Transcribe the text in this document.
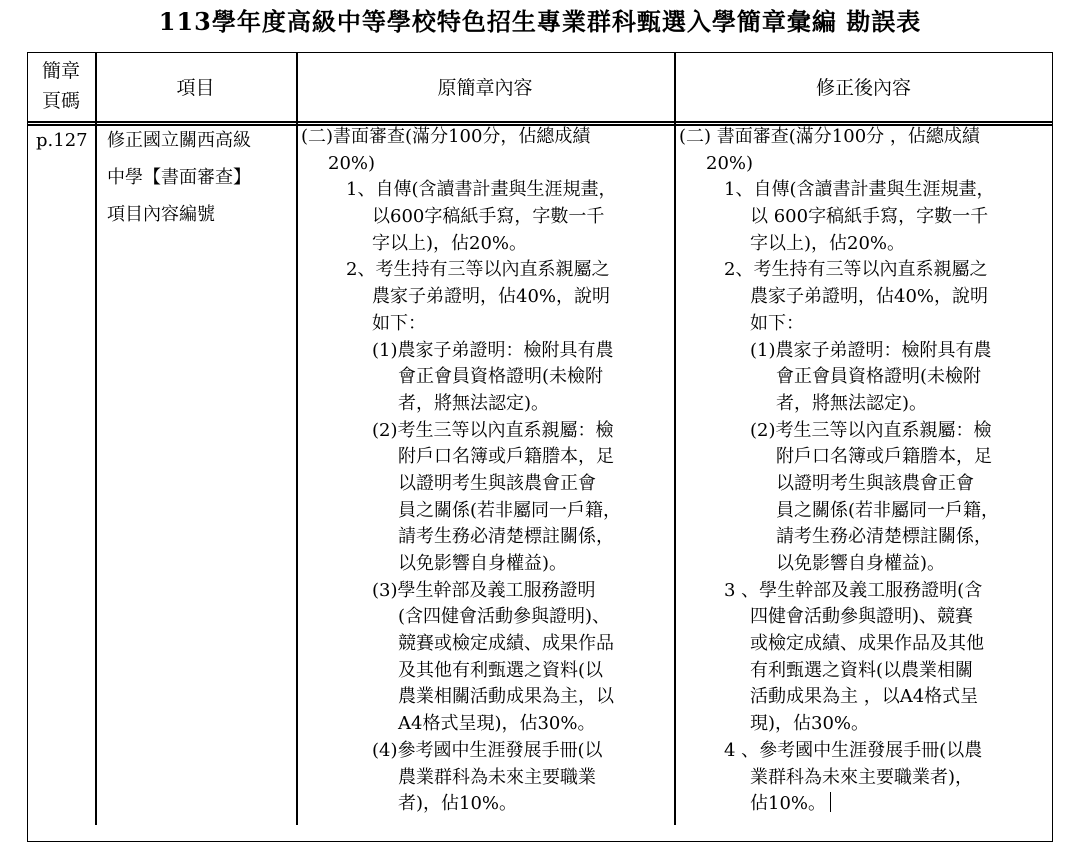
113學年度高級中等學校特色招生專業群科甄選入學簡章彙編 勘誤表
簡章
頁碼
項目	原簡章內容	修正後內容
p.127 修正國立關西高級
中學【書面審查】
項目內容編號
(二)書面審查(滿分100分，佔總成績
20%)
1、自傳(含讀書計畫與生涯規畫，
以600字稿紙手寫，字數一千
字以上)，佔20%。
2、考生持有三等以內直系親屬之
農家子弟證明，佔40%，說明
如下：
(1)農家子弟證明：檢附具有農
會正會員資格證明(未檢附
者，將無法認定)。
(2)考生三等以內直系親屬：檢
附戶口名簿或戶籍謄本，足
以證明考生與該農會正會
員之關係(若非屬同一戶籍，
請考生務必清楚標註關係，
以免影響自身權益)。
(3)學生幹部及義工服務證明
(含四健會活動參與證明)、
競賽或檢定成績、成果作品
及其他有利甄選之資料(以
農業相關活動成果為主，以
A4格式呈現)，佔30%。
(4)參考國中生涯發展手冊(以
農業群科為未來主要職業
者)，佔10%。
(二) 書面審查(滿分100分 ，佔總成績
20%)
1、自傳(含讀書計畫與生涯規畫，
以 600字稿紙手寫，字數一千
字以上)，佔20%。
2、考生持有三等以內直系親屬之
農家子弟證明，佔40%，說明
如下：
(1)農家子弟證明：檢附具有農
會正會員資格證明(未檢附
者，將無法認定)。
(2)考生三等以內直系親屬：檢
附戶口名簿或戶籍謄本，足
以證明考生與該農會正會
員之關係(若非屬同一戶籍，
請考生務必清楚標註關係，
以免影響自身權益)。
3 、學生幹部及義工服務證明(含
四健會活動參與證明)、競賽
或檢定成績、成果作品及其他
有利甄選之資料(以農業相關
活動成果為主 ，以A4格式呈
現)，佔30%。
4 、參考國中生涯發展手冊(以農
業群科為未來主要職業者)，
佔10%。
